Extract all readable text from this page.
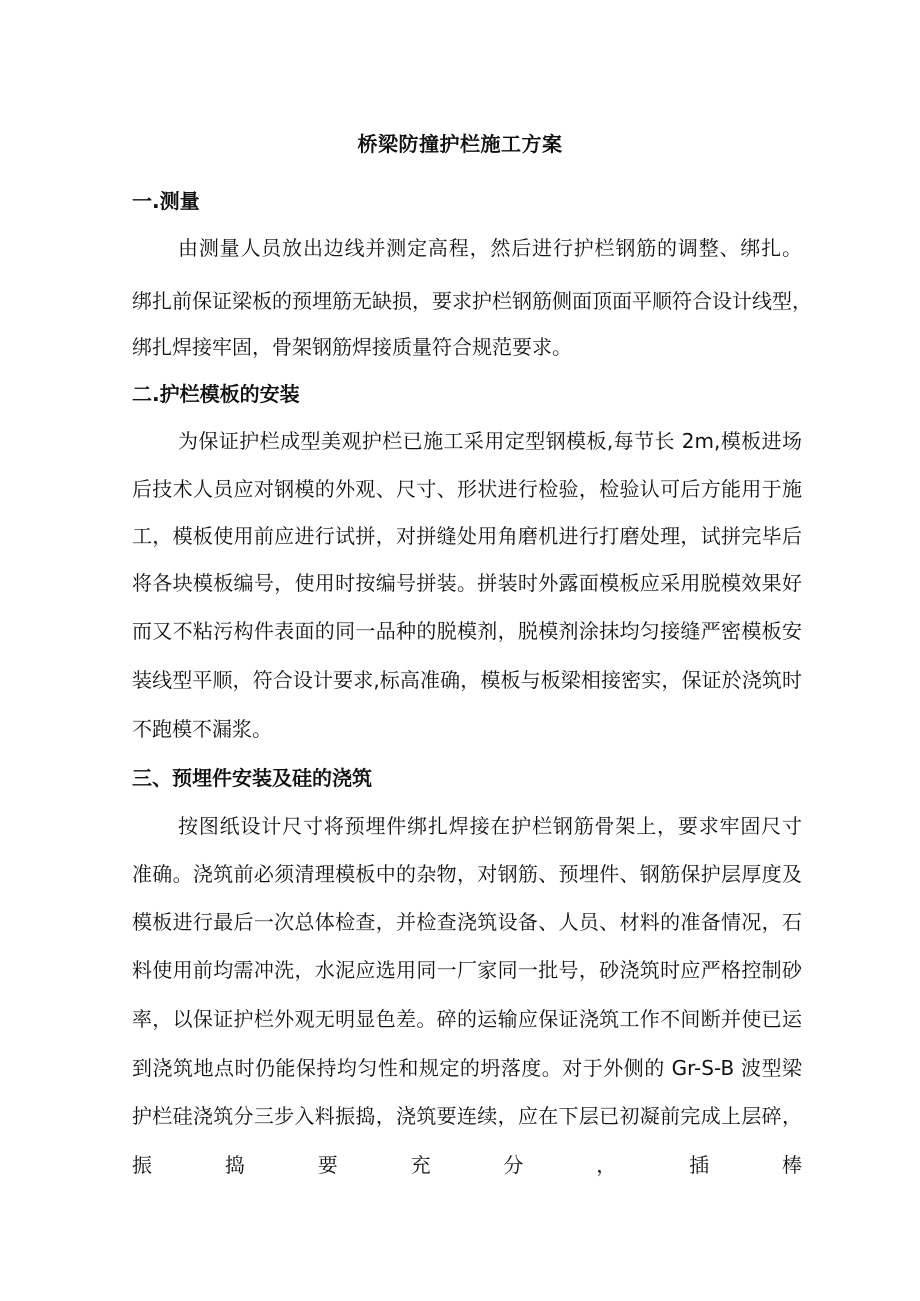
桥梁防撞护栏施工方案
一.测量
由测量人员放出边线并测定高程，然后进行护栏钢筋的调整、绑扎。
绑扎前保证梁板的预埋筋无缺损，要求护栏钢筋侧面顶面平顺符合设计线型，
绑扎焊接牢固，骨架钢筋焊接质量符合规范要求。
二.护栏模板的安装
为保证护栏成型美观护栏已施工采用定型钢模板,每节长 2m,模板进场
后技术人员应对钢模的外观、尺寸、形状进行检验，检验认可后方能用于施
工，模板使用前应进行试拼，对拼缝处用角磨机进行打磨处理，试拼完毕后
将各块模板编号，使用时按编号拼装。拼装时外露面模板应采用脱模效果好
而又不粘污构件表面的同一品种的脱模剂，脱模剂涂抹均匀接缝严密模板安
装线型平顺，符合设计要求,标高准确，模板与板梁相接密实，保证於浇筑时
不跑模不漏浆。
三、预埋件安装及硅的浇筑
按图纸设计尺寸将预埋件绑扎焊接在护栏钢筋骨架上，要求牢固尺寸
准确。浇筑前必须清理模板中的杂物，对钢筋、预埋件、钢筋保护层厚度及
模板进行最后一次总体检查，并检查浇筑设备、人员、材料的准备情况，石
料使用前均需冲洗，水泥应选用同一厂家同一批号，砂浇筑时应严格控制砂
率，以保证护栏外观无明显色差。碎的运输应保证浇筑工作不间断并使已运
到浇筑地点时仍能保持均匀性和规定的坍落度。对于外侧的 Gr-S-B 波型梁
护栏硅浇筑分三步入料振捣，浇筑要连续，应在下层已初凝前完成上层碎，
振 捣 要 充 分 ， 插 棒
